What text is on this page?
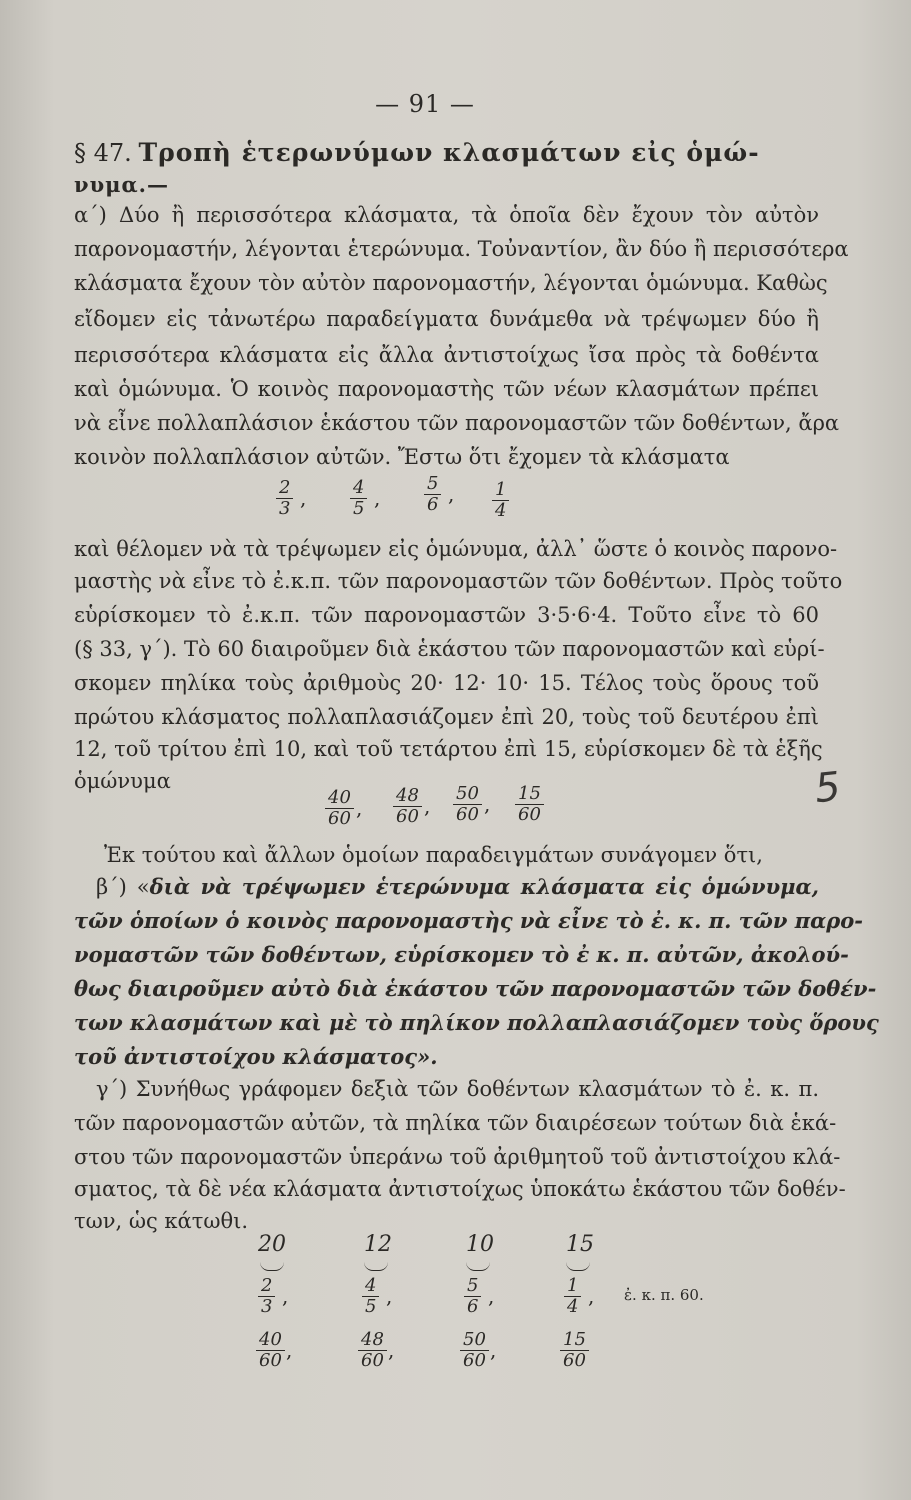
— 91 —
§ 47. Τροπὴ ἑτερωνύμων κλασμάτων εἰς ὁμώ-
νυμα.—
α΄) Δύο ἢ περισσότερα κλάσματα, τὰ ὁποῖα δὲν ἔχουν τὸν αὐτὸν
παρονομαστήν, λέγονται ἑτερώνυμα. Τοὐναντίον, ἂν δύο ἢ περισσότερα
κλάσματα ἔχουν τὸν αὐτὸν παρονομαστήν, λέγονται ὁμώνυμα. Καθὼς
εἴδομεν εἰς τἀνωτέρω παραδείγματα δυνάμεθα νὰ τρέψωμεν δύο ἢ
περισσότερα κλάσματα εἰς ἄλλα ἀντιστοίχως ἴσα πρὸς τὰ δοθέντα
καὶ ὁμώνυμα. Ὁ κοινὸς παρονομαστὴς τῶν νέων κλασμάτων πρέπει
νὰ εἶνε πολλαπλάσιον ἑκάστου τῶν παρονομαστῶν τῶν δοθέντων, ἄρα
κοινὸν πολλαπλάσιον αὐτῶν. Ἔστω ὅτι ἔχομεν τὰ κλάσματα
$\frac{2}{3}$ , $\frac{4}{5}$ , $\frac{5}{6}$ , $\frac{1}{4}$
καὶ θέλομεν νὰ τὰ τρέψωμεν εἰς ὁμώνυμα, ἀλλ᾽ ὥστε ὁ κοινὸς παρονο-
μαστὴς νὰ εἶνε τὸ ἐ.κ.π. τῶν παρονομαστῶν τῶν δοθέντων. Πρὸς τοῦτο
εὑρίσκομεν τὸ ἐ.κ.π. τῶν παρονομαστῶν 3·5·6·4. Τοῦτο εἶνε τὸ 60
(§ 33, γ΄). Τὸ 60 διαιροῦμεν διὰ ἑκάστου τῶν παρονομαστῶν καὶ εὑρί-
σκομεν πηλίκα τοὺς ἀριθμοὺς 20· 12· 10· 15. Τέλος τοὺς ὅρους τοῦ
πρώτου κλάσματος πολλαπλασιάζομεν ἐπὶ 20, τοὺς τοῦ δευτέρου ἐπὶ
12, τοῦ τρίτου ἐπὶ 10, καὶ τοῦ τετάρτου ἐπὶ 15, εὑρίσκομεν δὲ τὰ ἑξῆς
ὁμώνυμα	5
$\frac{40}{60}$ , $\frac{48}{60}$ , $\frac{50}{60}$ , $\frac{15}{60}$
Ἐκ τούτου καὶ ἄλλων ὁμοίων παραδειγμάτων συνάγομεν ὅτι,
β΄) «διὰ νὰ τρέψωμεν ἑτερώνυμα κλάσματα εἰς ὁμώνυμα,
τῶν ὁποίων ὁ κοινὸς παρονομαστὴς νὰ εἶνε τὸ ἐ. κ. π. τῶν παρο-
νομαστῶν τῶν δοθέντων, εὑρίσκομεν τὸ ἐ κ. π. αὐτῶν, ἀκολού-
θως διαιροῦμεν αὐτὸ διὰ ἑκάστου τῶν παρονομαστῶν τῶν δοθέν-
των κλασμάτων καὶ μὲ τὸ πηλίκον πολλαπλασιάζομεν τοὺς ὅρους
τοῦ ἀντιστοίχου κλάσματος».
γ΄) Συνήθως γράφομεν δεξιὰ τῶν δοθέντων κλασμάτων τὸ ἐ. κ. π.
τῶν παρονομαστῶν αὐτῶν, τὰ πηλίκα τῶν διαιρέσεων τούτων διὰ ἑκά-
στου τῶν παρονομαστῶν ὑπεράνω τοῦ ἀριθμητοῦ τοῦ ἀντιστοίχου κλά-
σματος, τὰ δὲ νέα κλάσματα ἀντιστοίχως ὑποκάτω ἑκάστου τῶν δοθέν-
των, ὡς κάτωθι.
20	12	10	15
$\frac{2}{3}$ ,	$\frac{4}{5}$ ,	$\frac{5}{6}$ ,	$\frac{1}{4}$ , ἐ. κ. π. 60.
$\frac{40}{60}$ ,	$\frac{48}{60}$ ,	$\frac{50}{60}$ ,	$\frac{15}{60}$
